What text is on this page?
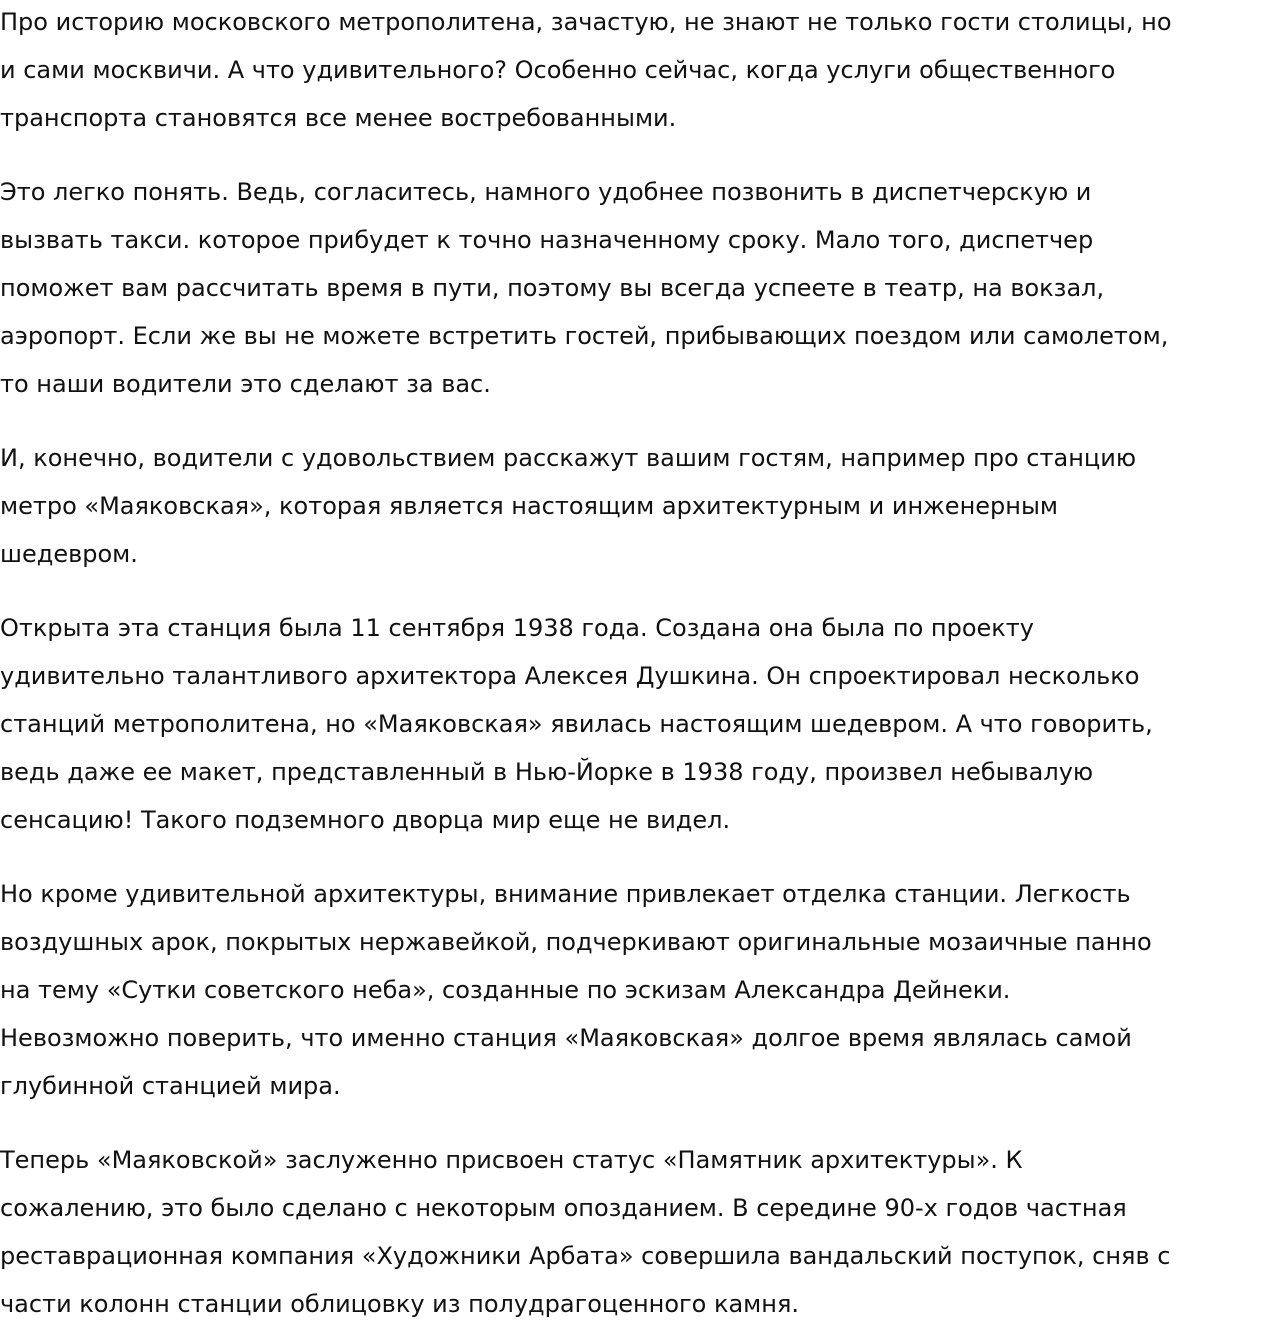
Про историю московского метрополитена, зачастую, не знают не только гости столицы, но
и сами москвичи. А что удивительного? Особенно сейчас, когда услуги общественного
транспорта становятся все менее востребованными.

Это легко понять. Ведь, согласитесь, намного удобнее позвонить в диспетчерскую и
вызвать такси. которое прибудет к точно назначенному сроку. Мало того, диспетчер
поможет вам рассчитать время в пути, поэтому вы всегда успеете в театр, на вокзал,
аэропорт. Если же вы не можете встретить гостей, прибывающих поездом или самолетом,
то наши водители это сделают за вас.

И, конечно, водители с удовольствием расскажут вашим гостям, например про станцию
метро «Маяковская», которая является настоящим архитектурным и инженерным
шедевром.

Открыта эта станция была 11 сентября 1938 года. Создана она была по проекту
удивительно талантливого архитектора Алексея Душкина. Он спроектировал несколько
станций метрополитена, но «Маяковская» явилась настоящим шедевром. А что говорить,
ведь даже ее макет, представленный в Нью-Йорке в 1938 году, произвел небывалую
сенсацию! Такого подземного дворца мир еще не видел.

Но кроме удивительной архитектуры, внимание привлекает отделка станции. Легкость
воздушных арок, покрытых нержавейкой, подчеркивают оригинальные мозаичные панно
на тему «Сутки советского неба», созданные по эскизам Александра Дейнеки.
Невозможно поверить, что именно станция «Маяковская» долгое время являлась самой
глубинной станцией мира.

Теперь «Маяковской» заслуженно присвоен статус «Памятник архитектуры». К
сожалению, это было сделано с некоторым опозданием. В середине 90-х годов частная
реставрационная компания «Художники Арбата» совершила вандальский поступок, сняв с
части колонн станции облицовку из полудрагоценного камня.
